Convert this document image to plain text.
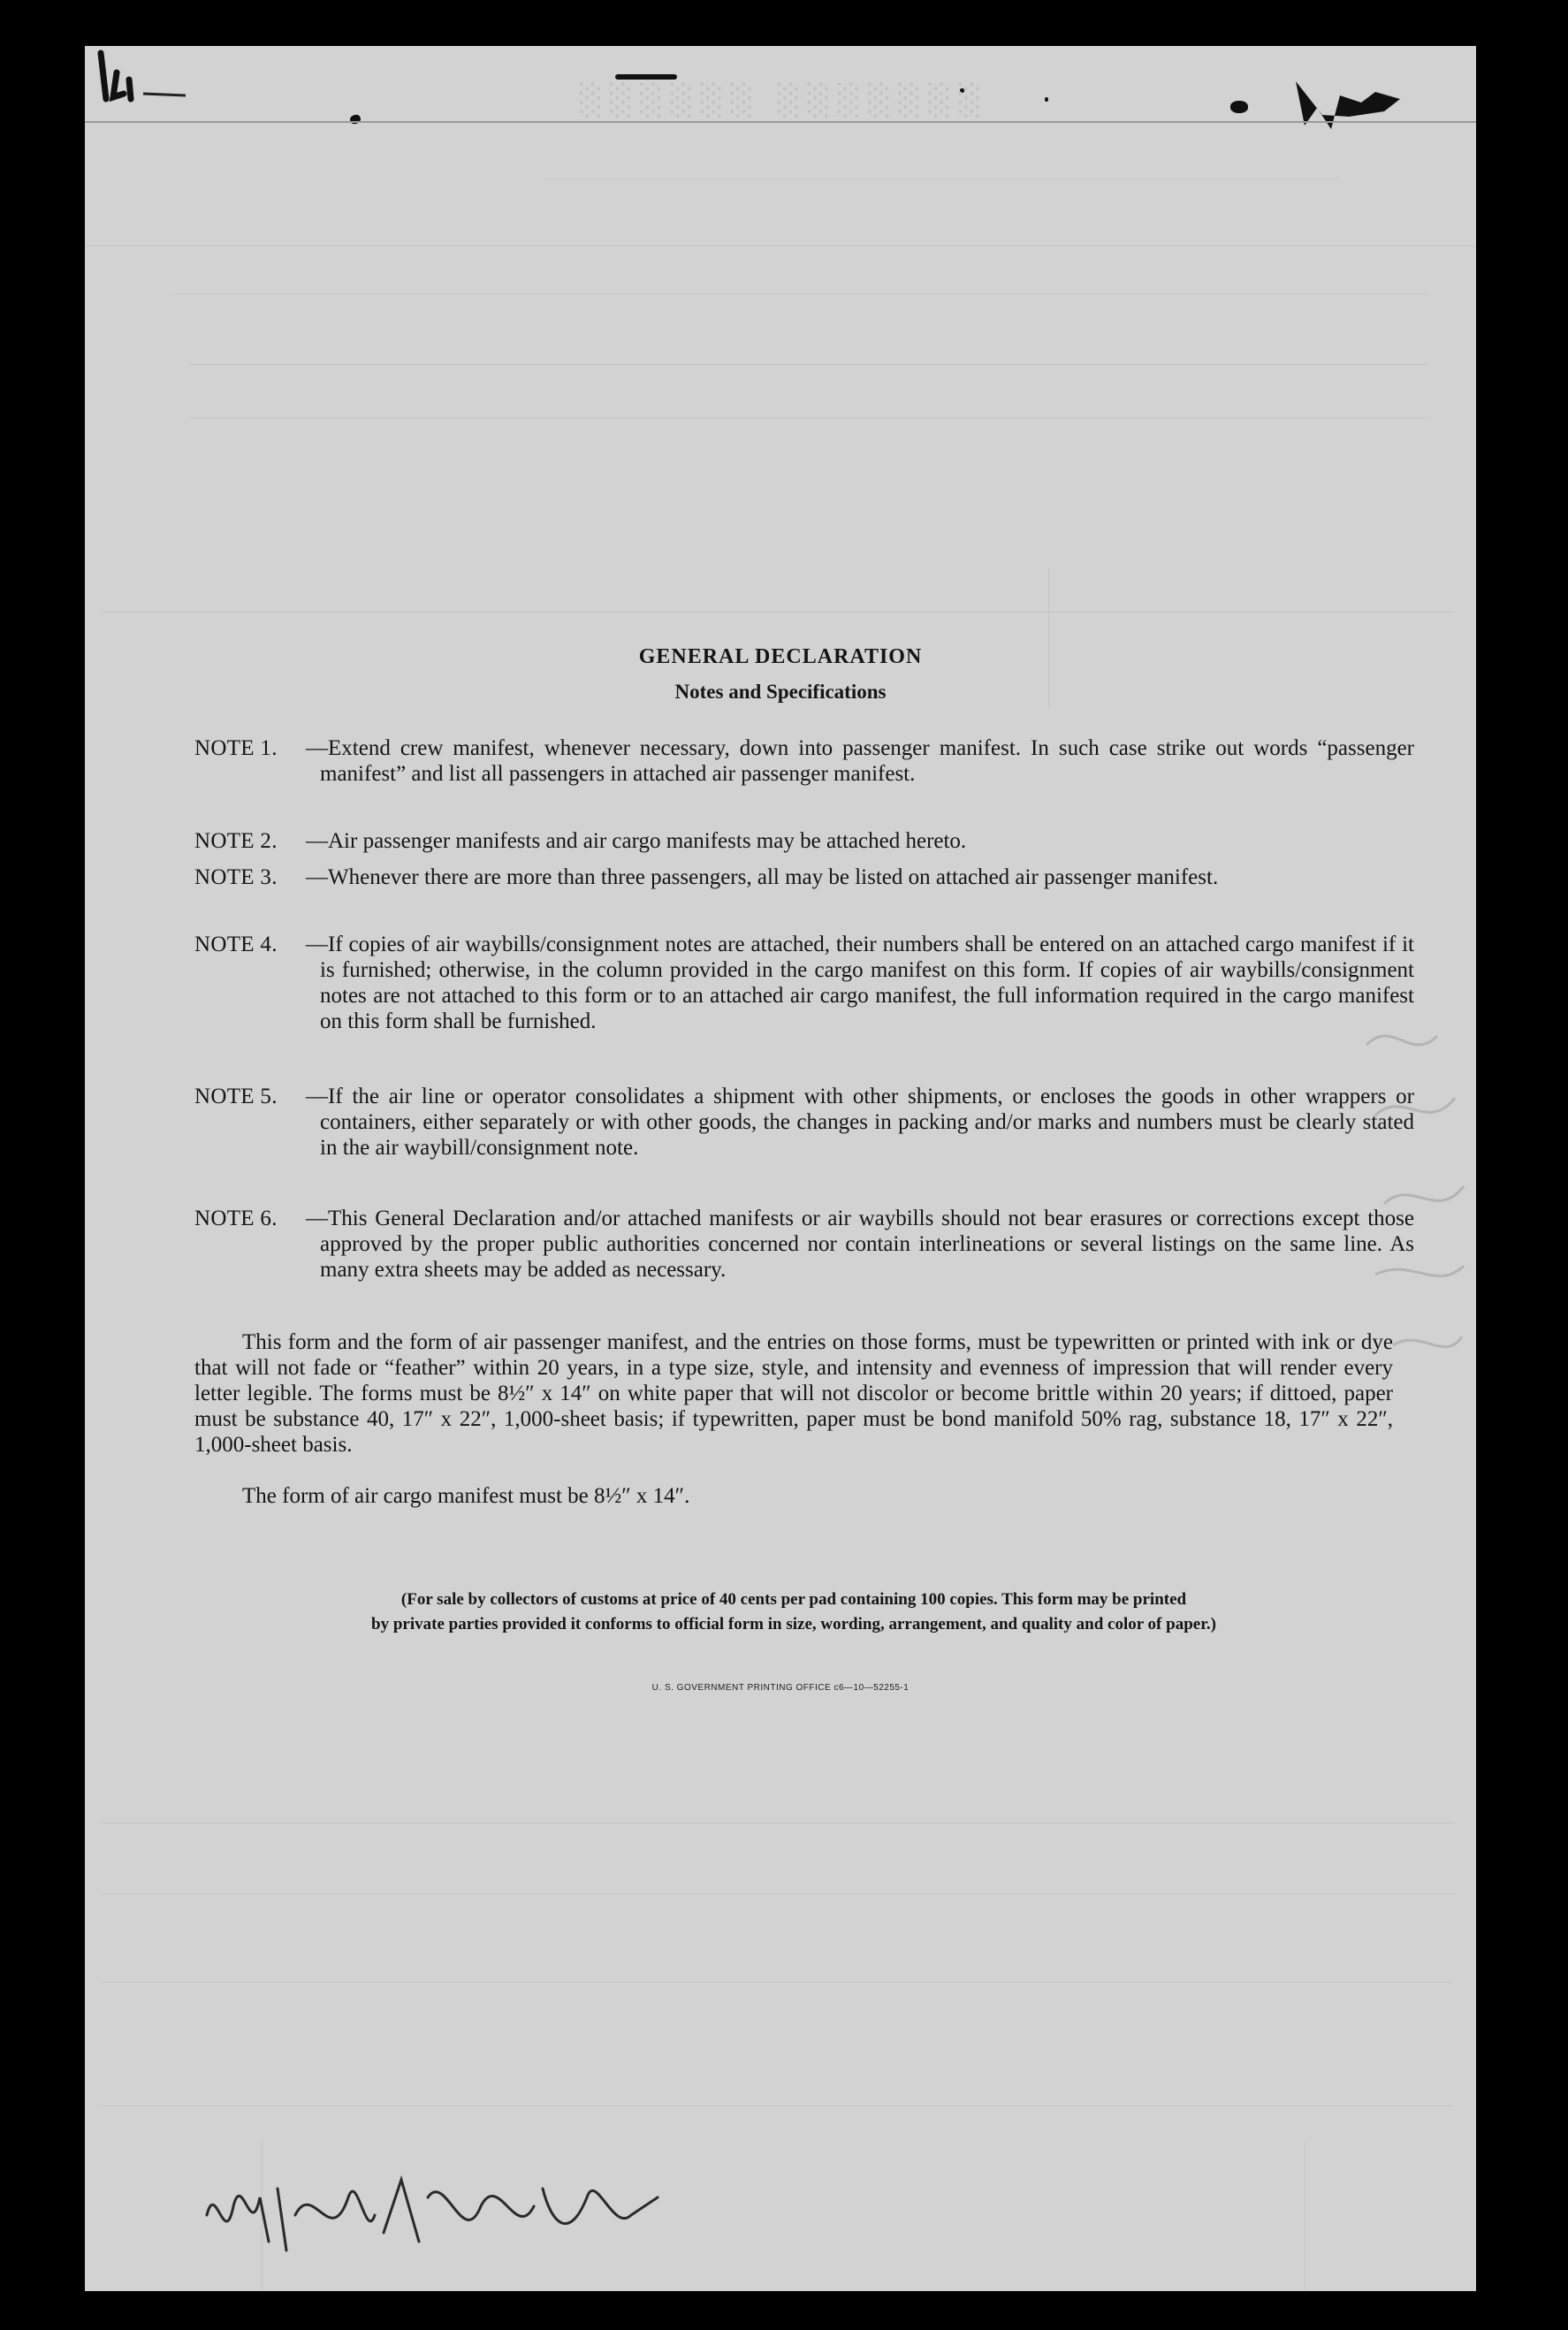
░░░░░░ ░░░░░░░
GENERAL DECLARATION
Notes and Specifications
NOTE 1.	—Extend crew manifest, whenever necessary, down into passenger manifest. In such case strike out words “passenger manifest” and list all passengers in attached air passenger manifest.
NOTE 2.	—Air passenger manifests and air cargo manifests may be attached hereto.
NOTE 3.	—Whenever there are more than three passengers, all may be listed on attached air passenger manifest.
NOTE 4.	—If copies of air waybills/consignment notes are attached, their numbers shall be entered on an attached cargo manifest if it is furnished; otherwise, in the column provided in the cargo manifest on this form. If copies of air waybills/consignment notes are not attached to this form or to an attached air cargo manifest, the full information required in the cargo manifest on this form shall be furnished.
NOTE 5.	—If the air line or operator consolidates a shipment with other shipments, or encloses the goods in other wrappers or containers, either separately or with other goods, the changes in packing and/or marks and numbers must be clearly stated in the air waybill/consignment note.
NOTE 6.	—This General Declaration and/or attached manifests or air waybills should not bear erasures or corrections except those approved by the proper public authorities concerned nor contain interlineations or several listings on the same line. As many extra sheets may be added as necessary.
This form and the form of air passenger manifest, and the entries on those forms, must be typewritten or printed with ink or dye that will not fade or “feather” within 20 years, in a type size, style, and intensity and evenness of impression that will render every letter legible. The forms must be 8½″ x 14″ on white paper that will not discolor or become brittle within 20 years; if dittoed, paper must be substance 40, 17″ x 22″, 1,000-sheet basis; if typewritten, paper must be bond manifold 50% rag, substance 18, 17″ x 22″, 1,000-sheet basis.
The form of air cargo manifest must be 8½″ x 14″.
(For sale by collectors of customs at price of 40 cents per pad containing 100 copies. This form may be printed
by private parties provided it conforms to official form in size, wording, arrangement, and quality and color of paper.)
U. S. GOVERNMENT PRINTING OFFICE c6—10—52255-1
